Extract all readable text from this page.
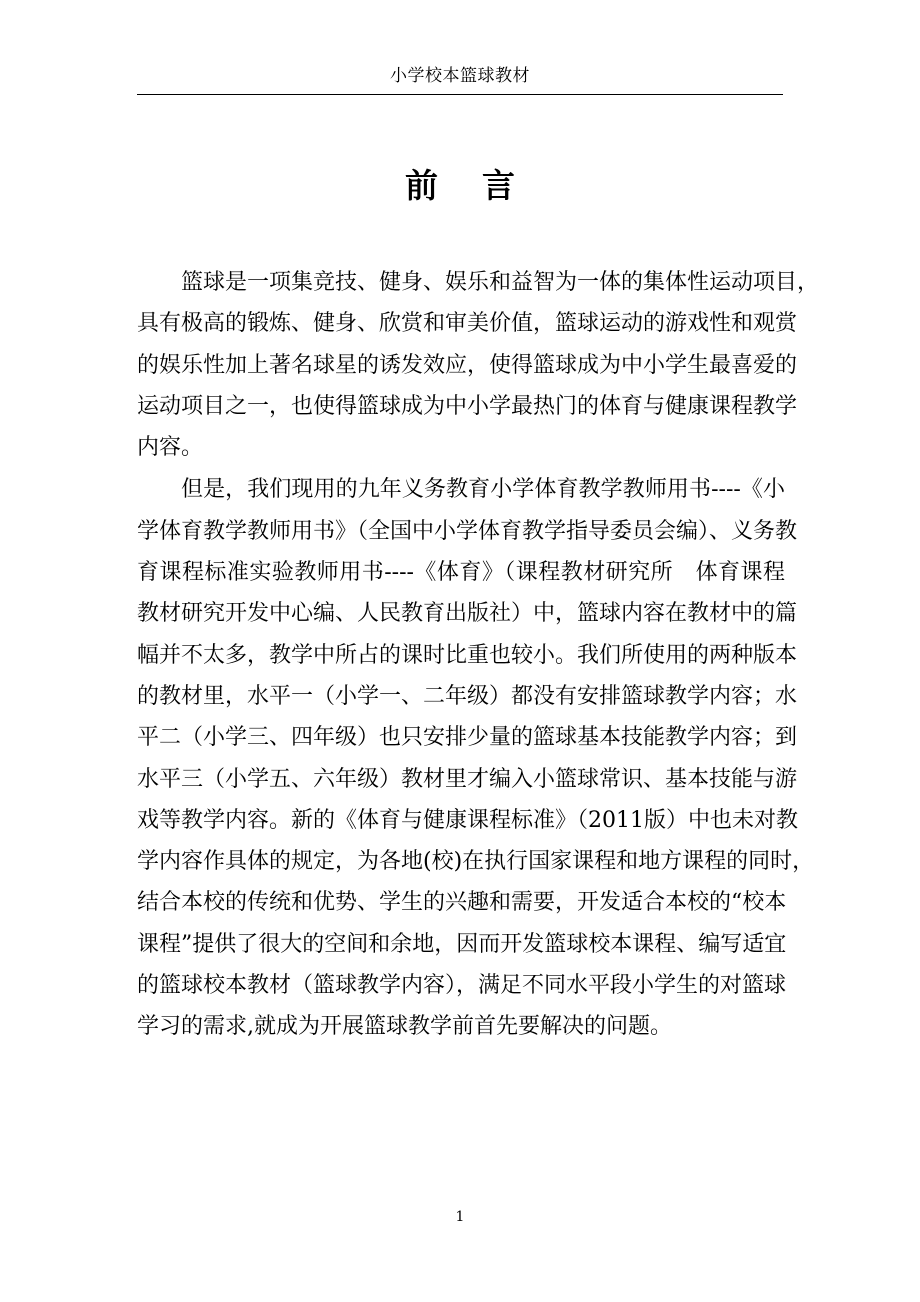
小学校本篮球教材
前 言

篮球是一项集竞技、健身、娱乐和益智为一体的集体性运动项目，
具有极高的锻炼、健身、欣赏和审美价值，篮球运动的游戏性和观赏
的娱乐性加上著名球星的诱发效应，使得篮球成为中小学生最喜爱的
运动项目之一，也使得篮球成为中小学最热门的体育与健康课程教学
内容。

但是，我们现用的九年义务教育小学体育教学教师用书----《小
学体育教学教师用书》（全国中小学体育教学指导委员会编）、义务教
育课程标准实验教师用书----《体育》（课程教材研究所　体育课程
教材研究开发中心编、人民教育出版社）中，篮球内容在教材中的篇
幅并不太多，教学中所占的课时比重也较小。我们所使用的两种版本
的教材里，水平一（小学一、二年级）都没有安排篮球教学内容；水
平二（小学三、四年级）也只安排少量的篮球基本技能教学内容；到
水平三（小学五、六年级）教材里才编入小篮球常识、基本技能与游
戏等教学内容。新的《体育与健康课程标准》（2011版）中也未对教
学内容作具体的规定，为各地(校)在执行国家课程和地方课程的同时，
结合本校的传统和优势、学生的兴趣和需要，开发适合本校的“校本
课程”提供了很大的空间和余地，因而开发篮球校本课程、编写适宜
的篮球校本教材（篮球教学内容），满足不同水平段小学生的对篮球
学习的需求,就成为开展篮球教学前首先要解决的问题。

1
